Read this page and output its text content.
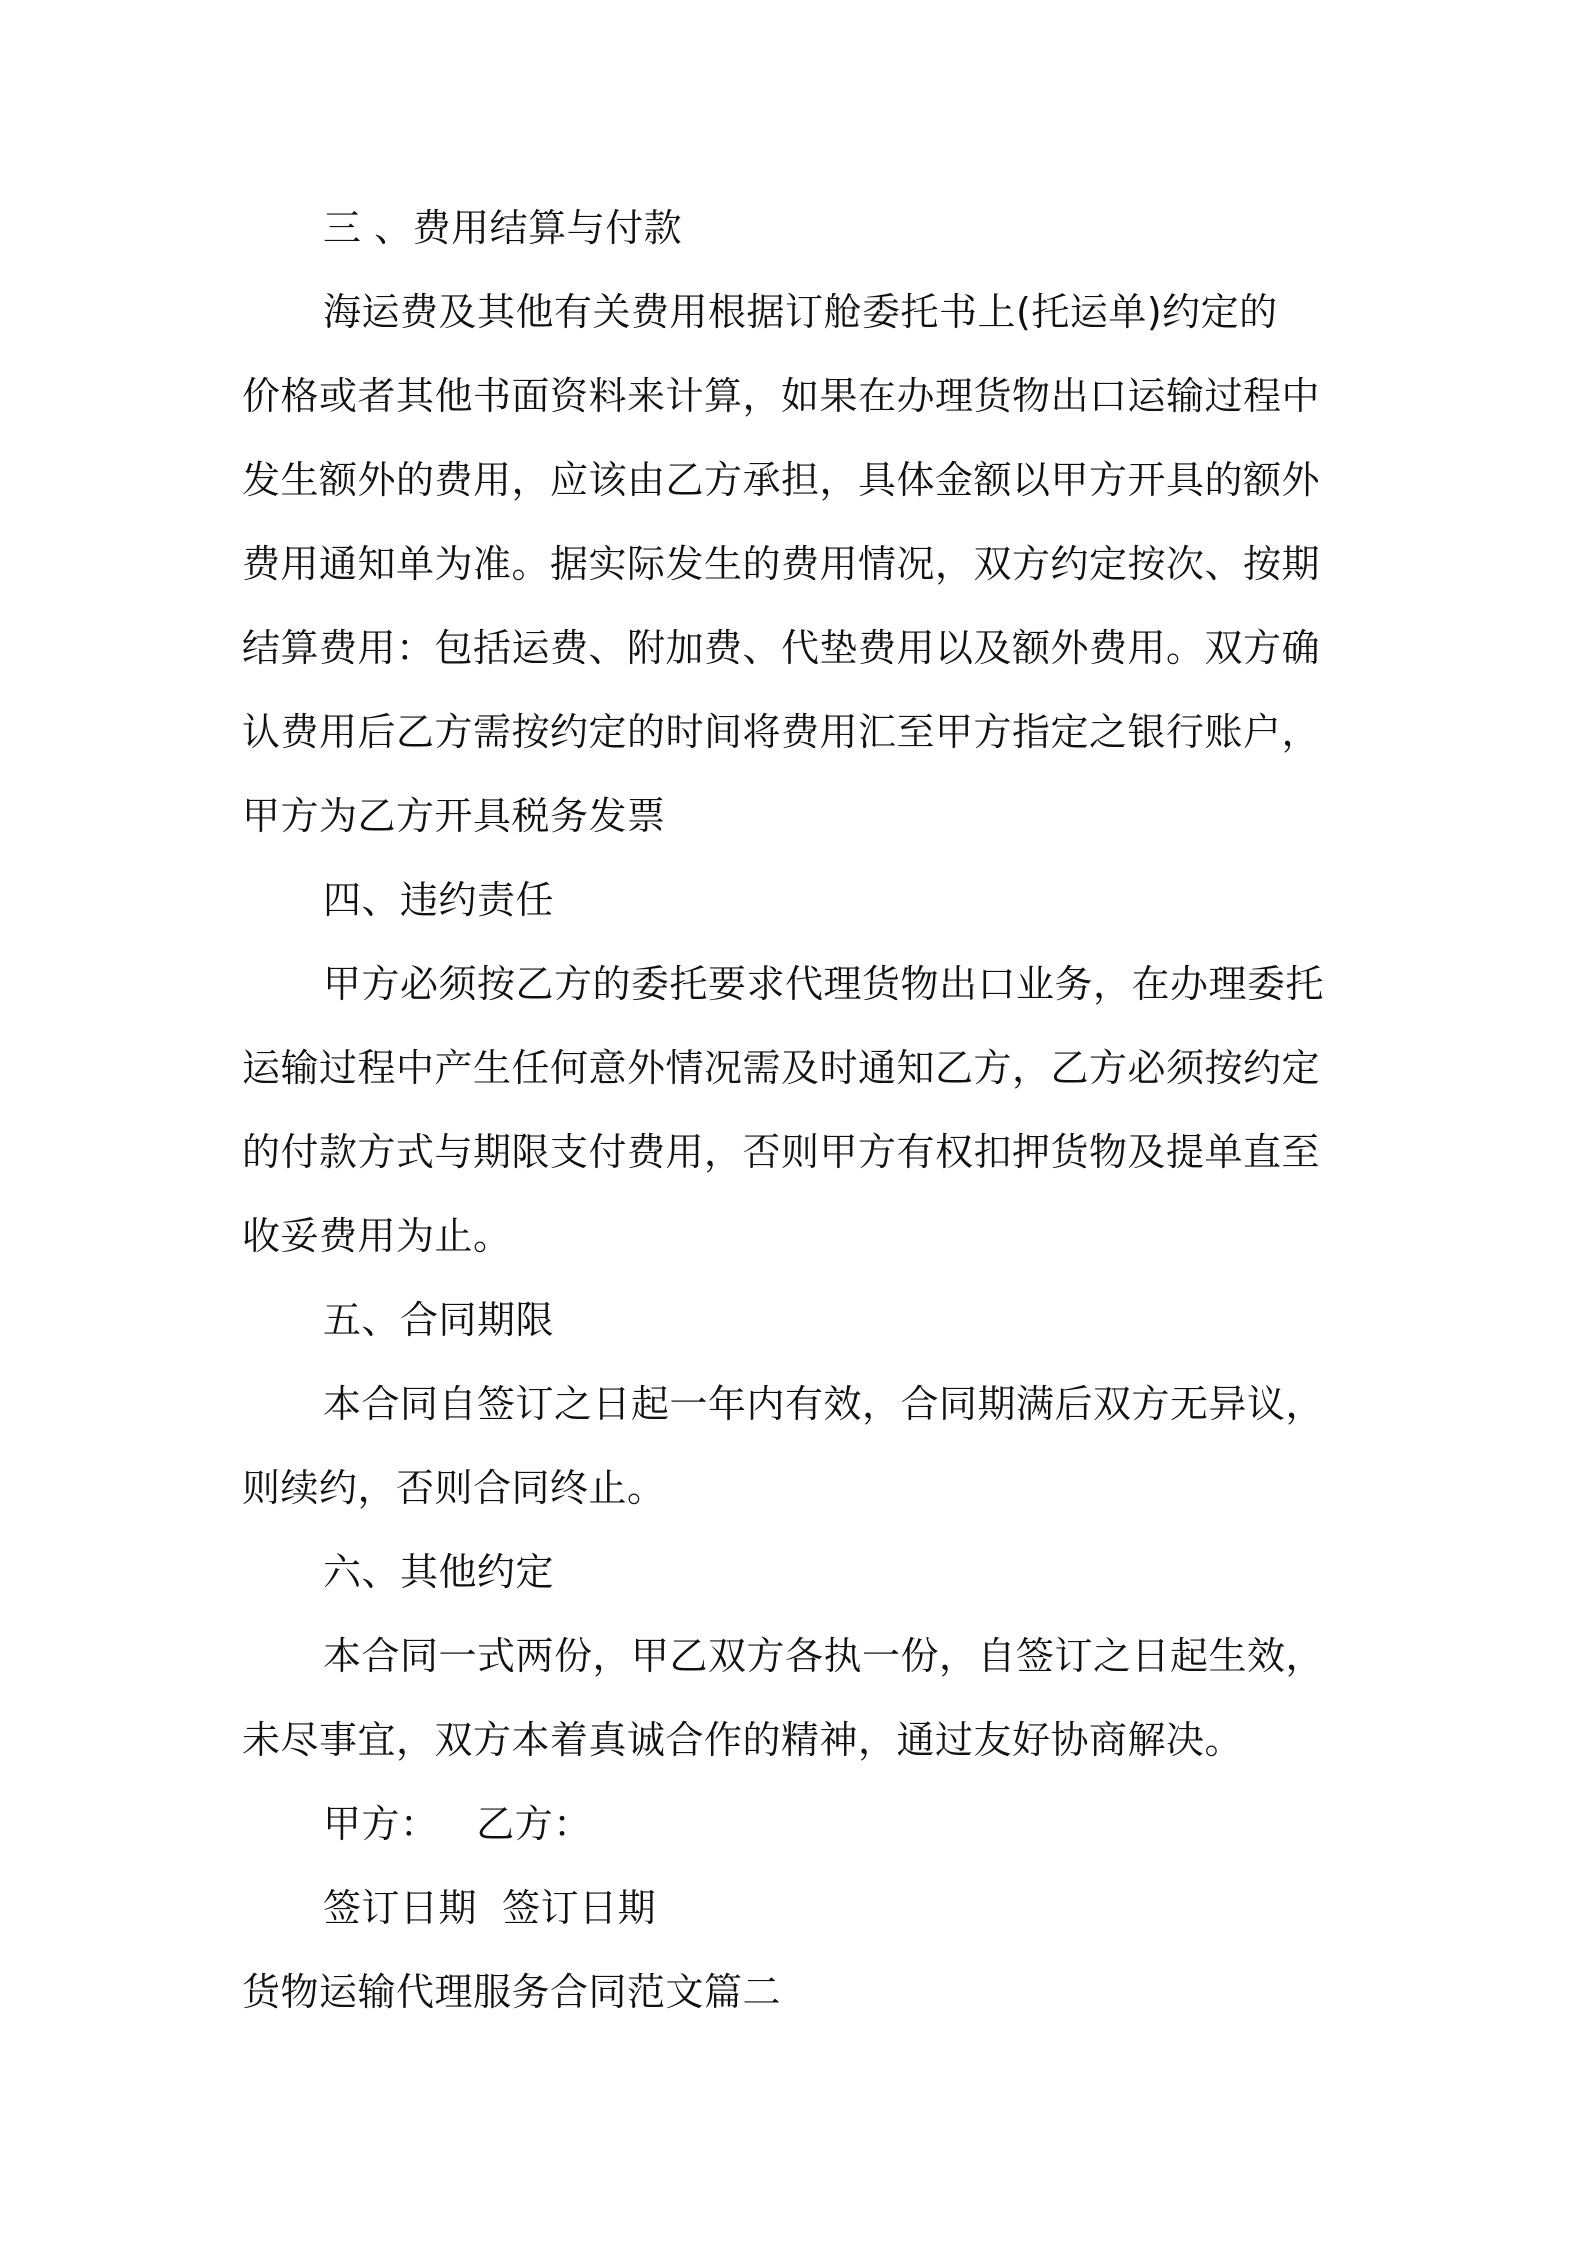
三 、费用结算与付款
海运费及其他有关费用根据订舱委托书上(托运单)约定的
价格或者其他书面资料来计算，如果在办理货物出口运输过程中
发生额外的费用，应该由乙方承担，具体金额以甲方开具的额外
费用通知单为准。据实际发生的费用情况，双方约定按次、按期
结算费用：包括运费、附加费、代垫费用以及额外费用。双方确
认费用后乙方需按约定的时间将费用汇至甲方指定之银行账户，
甲方为乙方开具税务发票
四、违约责任
甲方必须按乙方的委托要求代理货物出口业务，在办理委托
运输过程中产生任何意外情况需及时通知乙方，乙方必须按约定
的付款方式与期限支付费用，否则甲方有权扣押货物及提单直至
收妥费用为止。
五、合同期限
本合同自签订之日起一年内有效，合同期满后双方无异议，
则续约，否则合同终止。
六、其他约定
本合同一式两份，甲乙双方各执一份，自签订之日起生效，
未尽事宜，双方本着真诚合作的精神，通过友好协商解决。
甲方：   乙方：
签订日期  签订日期
货物运输代理服务合同范文篇二
